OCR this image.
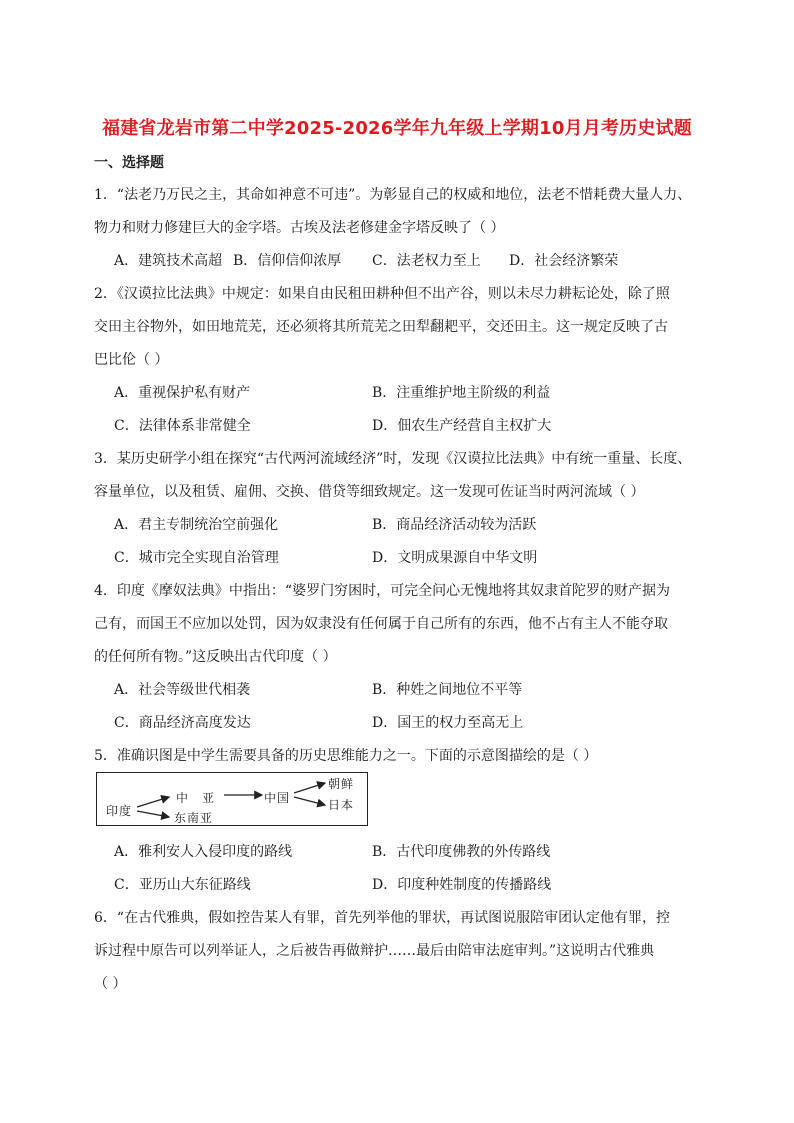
福建省龙岩市第二中学2025-2026学年九年级上学期10月月考历史试题
一、选择题
1．“法老乃万民之主，其命如神意不可违”。为彰显自己的权威和地位，法老不惜耗费大量人力、
物力和财力修建巨大的金字塔。古埃及法老修建金字塔反映了（ ）
A．建筑技术高超 B．信仰信仰浓厚 C．法老权力至上 D．社会经济繁荣
2．《汉谟拉比法典》中规定：如果自由民租田耕种但不出产谷，则以未尽力耕耘论处，除了照
交田主谷物外，如田地荒芜，还必须将其所荒芜之田犁翻耙平，交还田主。这一规定反映了古
巴比伦（ ）
A．重视保护私有财产	B．注重维护地主阶级的利益
C．法律体系非常健全	D．佃农生产经营自主权扩大
3．某历史研学小组在探究“古代两河流域经济”时，发现《汉谟拉比法典》中有统一重量、长度、
容量单位，以及租赁、雇佣、交换、借贷等细致规定。这一发现可佐证当时两河流域（ ）
A．君主专制统治空前强化	B．商品经济活动较为活跃
C．城市完全实现自治管理	D．文明成果源自中华文明
4．印度《摩奴法典》中指出：“婆罗门穷困时，可完全问心无愧地将其奴隶首陀罗的财产据为
己有，而国王不应加以处罚，因为奴隶没有任何属于自己所有的东西，他不占有主人不能夺取
的任何所有物。”这反映出古代印度（ ）
A．社会等级世代相袭	B．种姓之间地位不平等
C．商品经济高度发达	D．国王的权力至高无上
5．准确识图是中学生需要具备的历史思维能力之一。下面的示意图描绘的是（ ）
印度
中　亚
东南亚
中国
朝鲜
日本
A．雅利安人入侵印度的路线	B．古代印度佛教的外传路线
C．亚历山大东征路线	D．印度种姓制度的传播路线
6．“在古代雅典，假如控告某人有罪，首先列举他的罪状，再试图说服陪审团认定他有罪，控
诉过程中原告可以列举证人，之后被告再做辩护……最后由陪审法庭审判。”这说明古代雅典
（ ）
